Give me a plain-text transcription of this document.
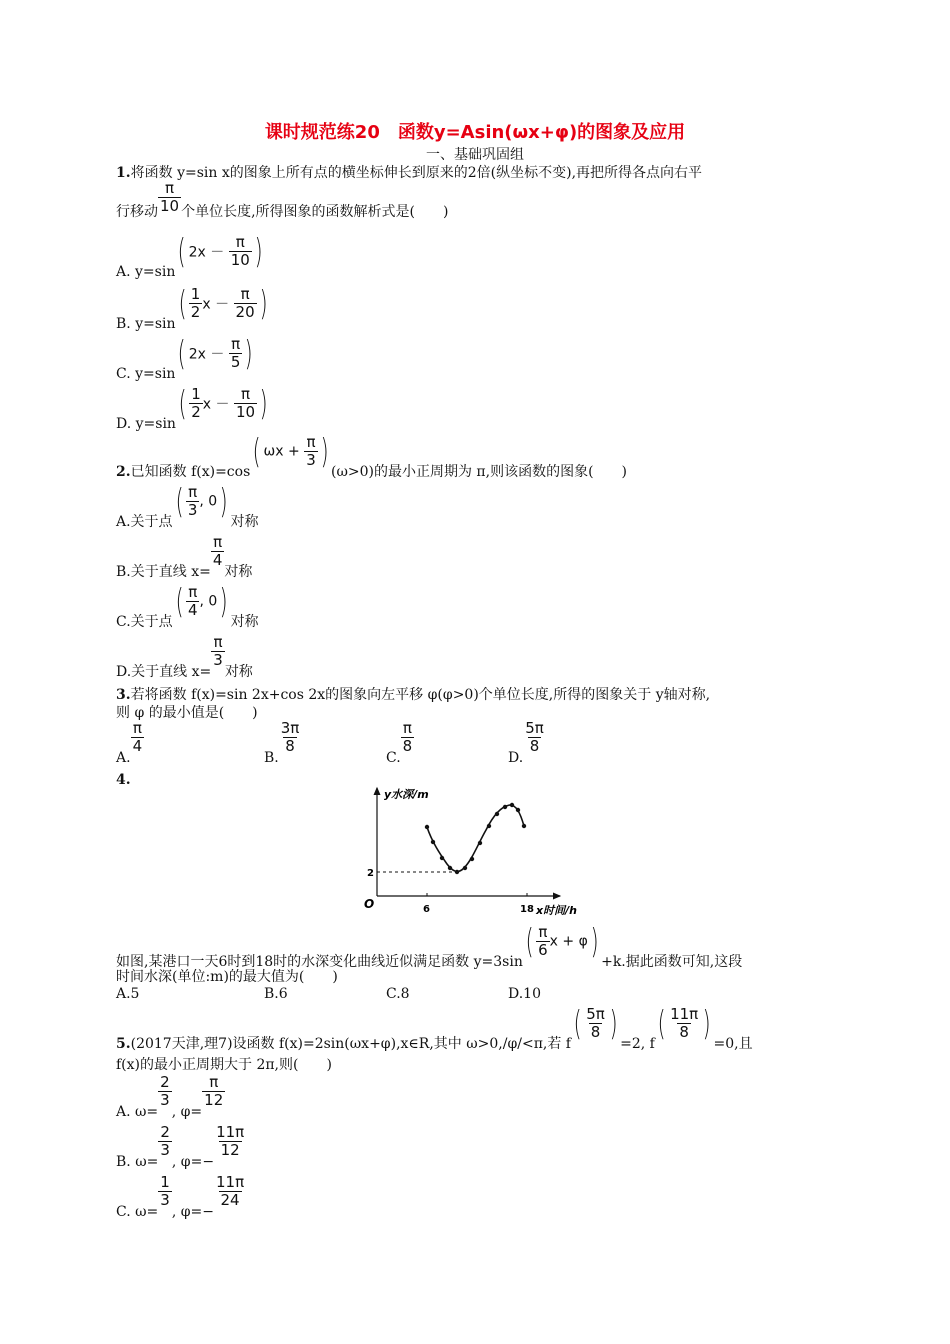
课时规范练20　函数y=Asin(ωx+φ)的图象及应用
一、基础巩固组
1.将函数 y=sin x的图象上所有点的横坐标伸长到原来的2倍(纵坐标不变),再把所得各点向右平
行移动 $\frac{\pi}{10}$ 个单位长度,所得图象的函数解析式是(　　)
A. y=sin( $2x - \frac{\pi}{10}$ )
B. $y=\sin( \frac{1}{2}$ $x - \frac{\pi}{20}$ )
C. y=sin( $2x - \frac{\pi}{5}$ )
D. $y=\sin( \frac{1}{2}$ $x - \frac{\pi}{10}$ )
2.已知函数 f(x)=cos( $\omega x + \frac{\pi}{3}$ ) (ω>0)的最小正周期为 π,则该函数的图象(　　)
A.关于点( $\frac{\pi}{3}$ , 0) 对称
B.关于直线 x=
$\frac{\pi}{4}$
对称
C.关于点( $\frac{\pi}{4}$ , 0) 对称
D.关于直线 x=
$\frac{\pi}{3}$
对称
3.若将函数 f(x)=sin 2x+cos 2x的图象向左平移 φ(φ>0)个单位长度,所得的图象关于 y轴对称,
则 φ 的最小值是(　　)
A.
$\frac{\pi}{4}$
B.
$\frac{3\pi}{8}$
C.
$\frac{\pi}{8}$
D.
$\frac{5\pi}{8}$
4.
y水深/m
O	6	18 x时间/h
2
如图,某港口一天6时到18时的水深变化曲线近似满足函数 $y=3\sin( \frac{\pi}{6}$ x + φ) +k.据此函数可知,这段
时间水深(单位:m)的最大值为(　　)
A.5	B.6	C.8	D.10
5.(2017天津,理7)设函数 f(x)=2sin(ωx+φ),x∈R,其中 ω>0,/φ/<π,若 $f( \frac{5\pi}{8}$ ) =2, $f( \frac{11\pi}{8}$ ) =0,且
f(x)的最小正周期大于 2π,则(　　)
A. ω=
$\frac{2}{3}$
, φ=
$\frac{\pi}{12}$
B. ω=
$\frac{2}{3}$
, φ=−
$\frac{11\pi}{12}$
C. ω=
$\frac{1}{3}$
, φ=−
$\frac{11\pi}{24}$
